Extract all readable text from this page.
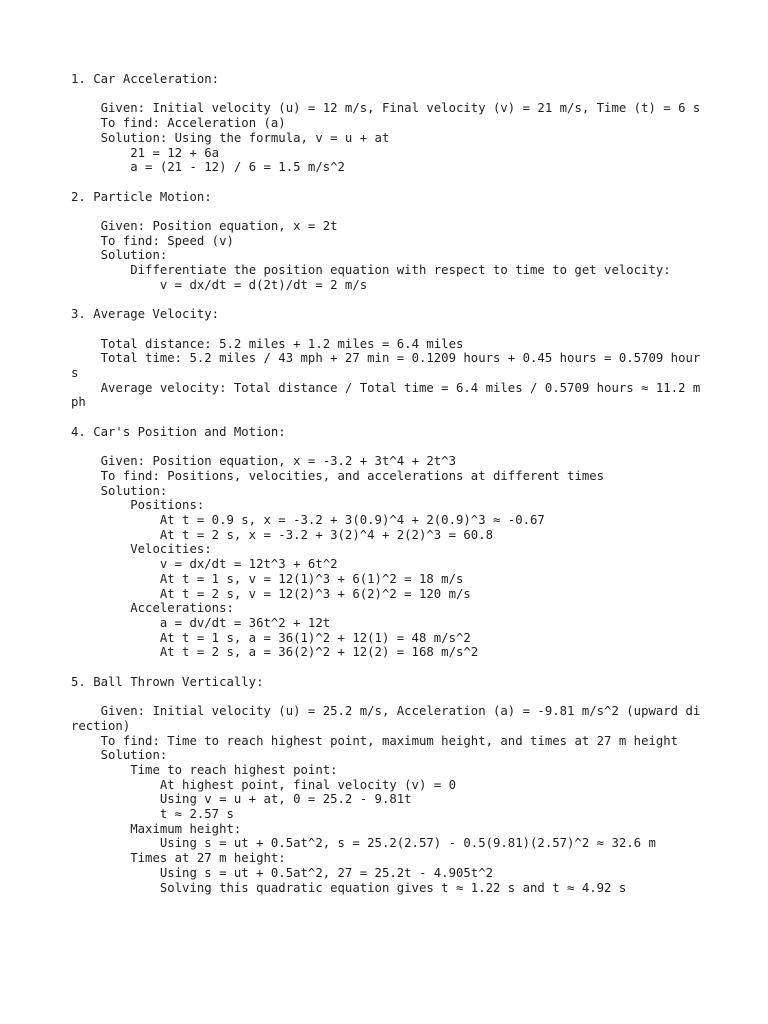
1. Car Acceleration:
Given: Initial velocity (u) = 12 m/s, Final velocity (v) = 21 m/s, Time (t) = 6 s
To find: Acceleration (a)
Solution: Using the formula, v = u + at
21 = 12 + 6a
a = (21 - 12) / 6 = 1.5 m/s^2
2. Particle Motion:
Given: Position equation, x = 2t
To find: Speed (v)
Solution:
Differentiate the position equation with respect to time to get velocity:
v = dx/dt = d(2t)/dt = 2 m/s
3. Average Velocity:
Total distance: 5.2 miles + 1.2 miles = 6.4 miles
Total time: 5.2 miles / 43 mph + 27 min = 0.1209 hours + 0.45 hours = 0.5709 hours
Average velocity: Total distance / Total time = 6.4 miles / 0.5709 hours ≈ 11.2 mph
4. Car's Position and Motion:
Given: Position equation, x = -3.2 + 3t^4 + 2t^3
To find: Positions, velocities, and accelerations at different times
Solution:
Positions:
At t = 0.9 s, x = -3.2 + 3(0.9)^4 + 2(0.9)^3 ≈ -0.67
At t = 2 s, x = -3.2 + 3(2)^4 + 2(2)^3 = 60.8
Velocities:
v = dx/dt = 12t^3 + 6t^2
At t = 1 s, v = 12(1)^3 + 6(1)^2 = 18 m/s
At t = 2 s, v = 12(2)^3 + 6(2)^2 = 120 m/s
Accelerations:
a = dv/dt = 36t^2 + 12t
At t = 1 s, a = 36(1)^2 + 12(1) = 48 m/s^2
At t = 2 s, a = 36(2)^2 + 12(2) = 168 m/s^2
5. Ball Thrown Vertically:
Given: Initial velocity (u) = 25.2 m/s, Acceleration (a) = -9.81 m/s^2 (upward direction)
To find: Time to reach highest point, maximum height, and times at 27 m height
Solution:
Time to reach highest point:
At highest point, final velocity (v) = 0
Using v = u + at, 0 = 25.2 - 9.81t
t ≈ 2.57 s
Maximum height:
Using s = ut + 0.5at^2, s = 25.2(2.57) - 0.5(9.81)(2.57)^2 ≈ 32.6 m
Times at 27 m height:
Using s = ut + 0.5at^2, 27 = 25.2t - 4.905t^2
Solving this quadratic equation gives t ≈ 1.22 s and t ≈ 4.92 s
